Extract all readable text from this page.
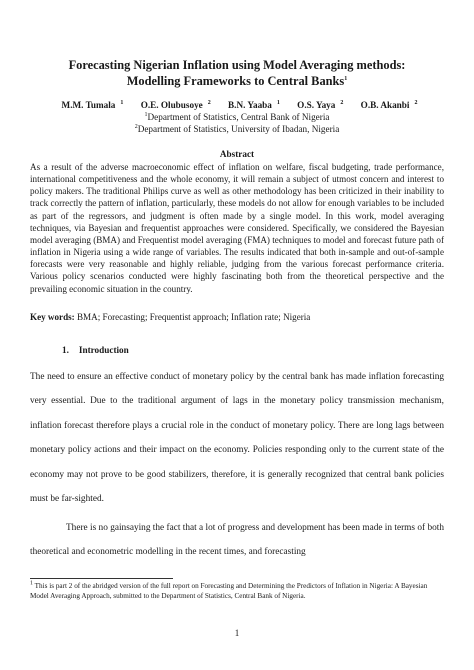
Forecasting Nigerian Inflation using Model Averaging methods:
Modelling Frameworks to Central Banks$^1$
M.M. Tumala $^1$ O.E. Olubusoye $^2$ B.N. Yaaba $^1$ O.S. Yaya $^2$ O.B. Akanbi $^2$
$^1$Department of Statistics, Central Bank of Nigeria
$^2$Department of Statistics, University of Ibadan, Nigeria
Abstract

As a result of the adverse macroeconomic effect of inflation on welfare, fiscal budgeting, trade performance, international competitiveness and the whole economy, it will remain a subject of utmost concern and interest to policy makers. The traditional Philips curve as well as other methodology has been criticized in their inability to track correctly the pattern of inflation, particularly, these models do not allow for enough variables to be included as part of the regressors, and judgment is often made by a single model. In this work, model averaging techniques, via Bayesian and frequentist approaches were considered. Specifically, we considered the Bayesian model averaging (BMA) and Frequentist model averaging (FMA) techniques to model and forecast future path of inflation in Nigeria using a wide range of variables. The results indicated that both in-sample and out-of-sample forecasts were very reasonable and highly reliable, judging from the various forecast performance criteria. Various policy scenarios conducted were highly fascinating both from the theoretical perspective and the prevailing economic situation in the country.

Key words: BMA; Forecasting; Frequentist approach; Inflation rate; Nigeria

1. Introduction

The need to ensure an effective conduct of monetary policy by the central bank has made inflation forecasting very essential. Due to the traditional argument of lags in the monetary policy transmission mechanism, inflation forecast therefore plays a crucial role in the conduct of monetary policy. There are long lags between monetary policy actions and their impact on the economy. Policies responding only to the current state of the economy may not prove to be good stabilizers, therefore, it is generally recognized that central bank policies must be far-sighted.

There is no gainsaying the fact that a lot of progress and development has been made in terms of both theoretical and econometric modelling in the recent times, and forecasting

$^1$ This is part 2 of the abridged version of the full report on Forecasting and Determining the Predictors of Inflation in Nigeria: A Bayesian Model Averaging Approach, submitted to the Department of Statistics, Central Bank of Nigeria.

1
